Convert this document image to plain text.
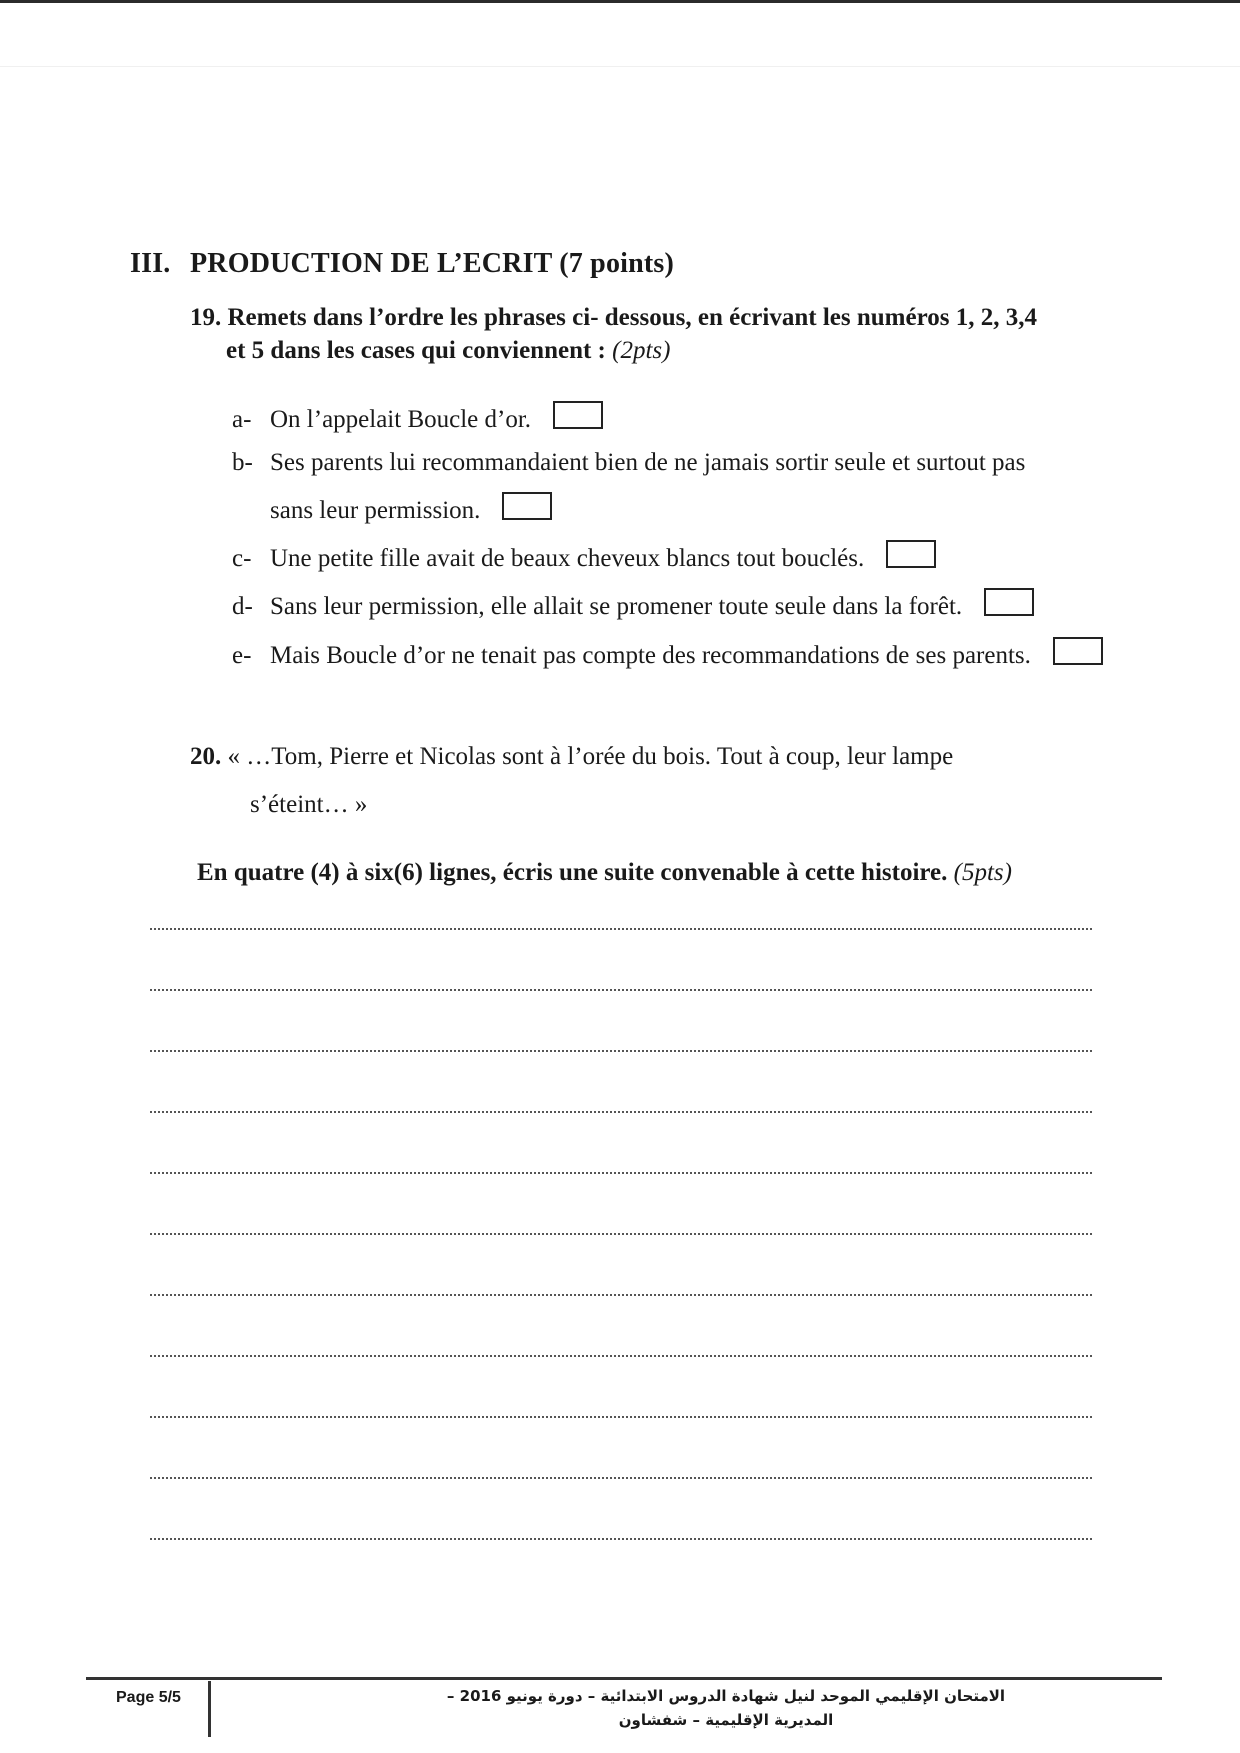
III. PRODUCTION DE L’ECRIT (7 points)
19. Remets dans l’ordre les phrases ci- dessous, en écrivant les numéros 1, 2, 3,4
et 5 dans les cases qui conviennent : (2pts)
a- On l’appelait Boucle d’or.
b- Ses parents lui recommandaient bien de ne jamais sortir seule et surtout pas
sans leur permission.
c- Une petite fille avait de beaux cheveux blancs tout bouclés.
d- Sans leur permission, elle allait se promener toute seule dans la forêt.
e- Mais Boucle d’or ne tenait pas compte des recommandations de ses parents.
20. « …Tom, Pierre et Nicolas sont à l’orée du bois. Tout à coup, leur lampe
s’éteint… »
En quatre (4) à six(6) lignes, écris une suite convenable à cette histoire. (5pts)
Page 5/5	الامتحان الإقليمي الموحد لنيل شهادة الدروس الابتدائية – دورة يونيو 2016 –
المديرية الإقليمية – شفشاون
